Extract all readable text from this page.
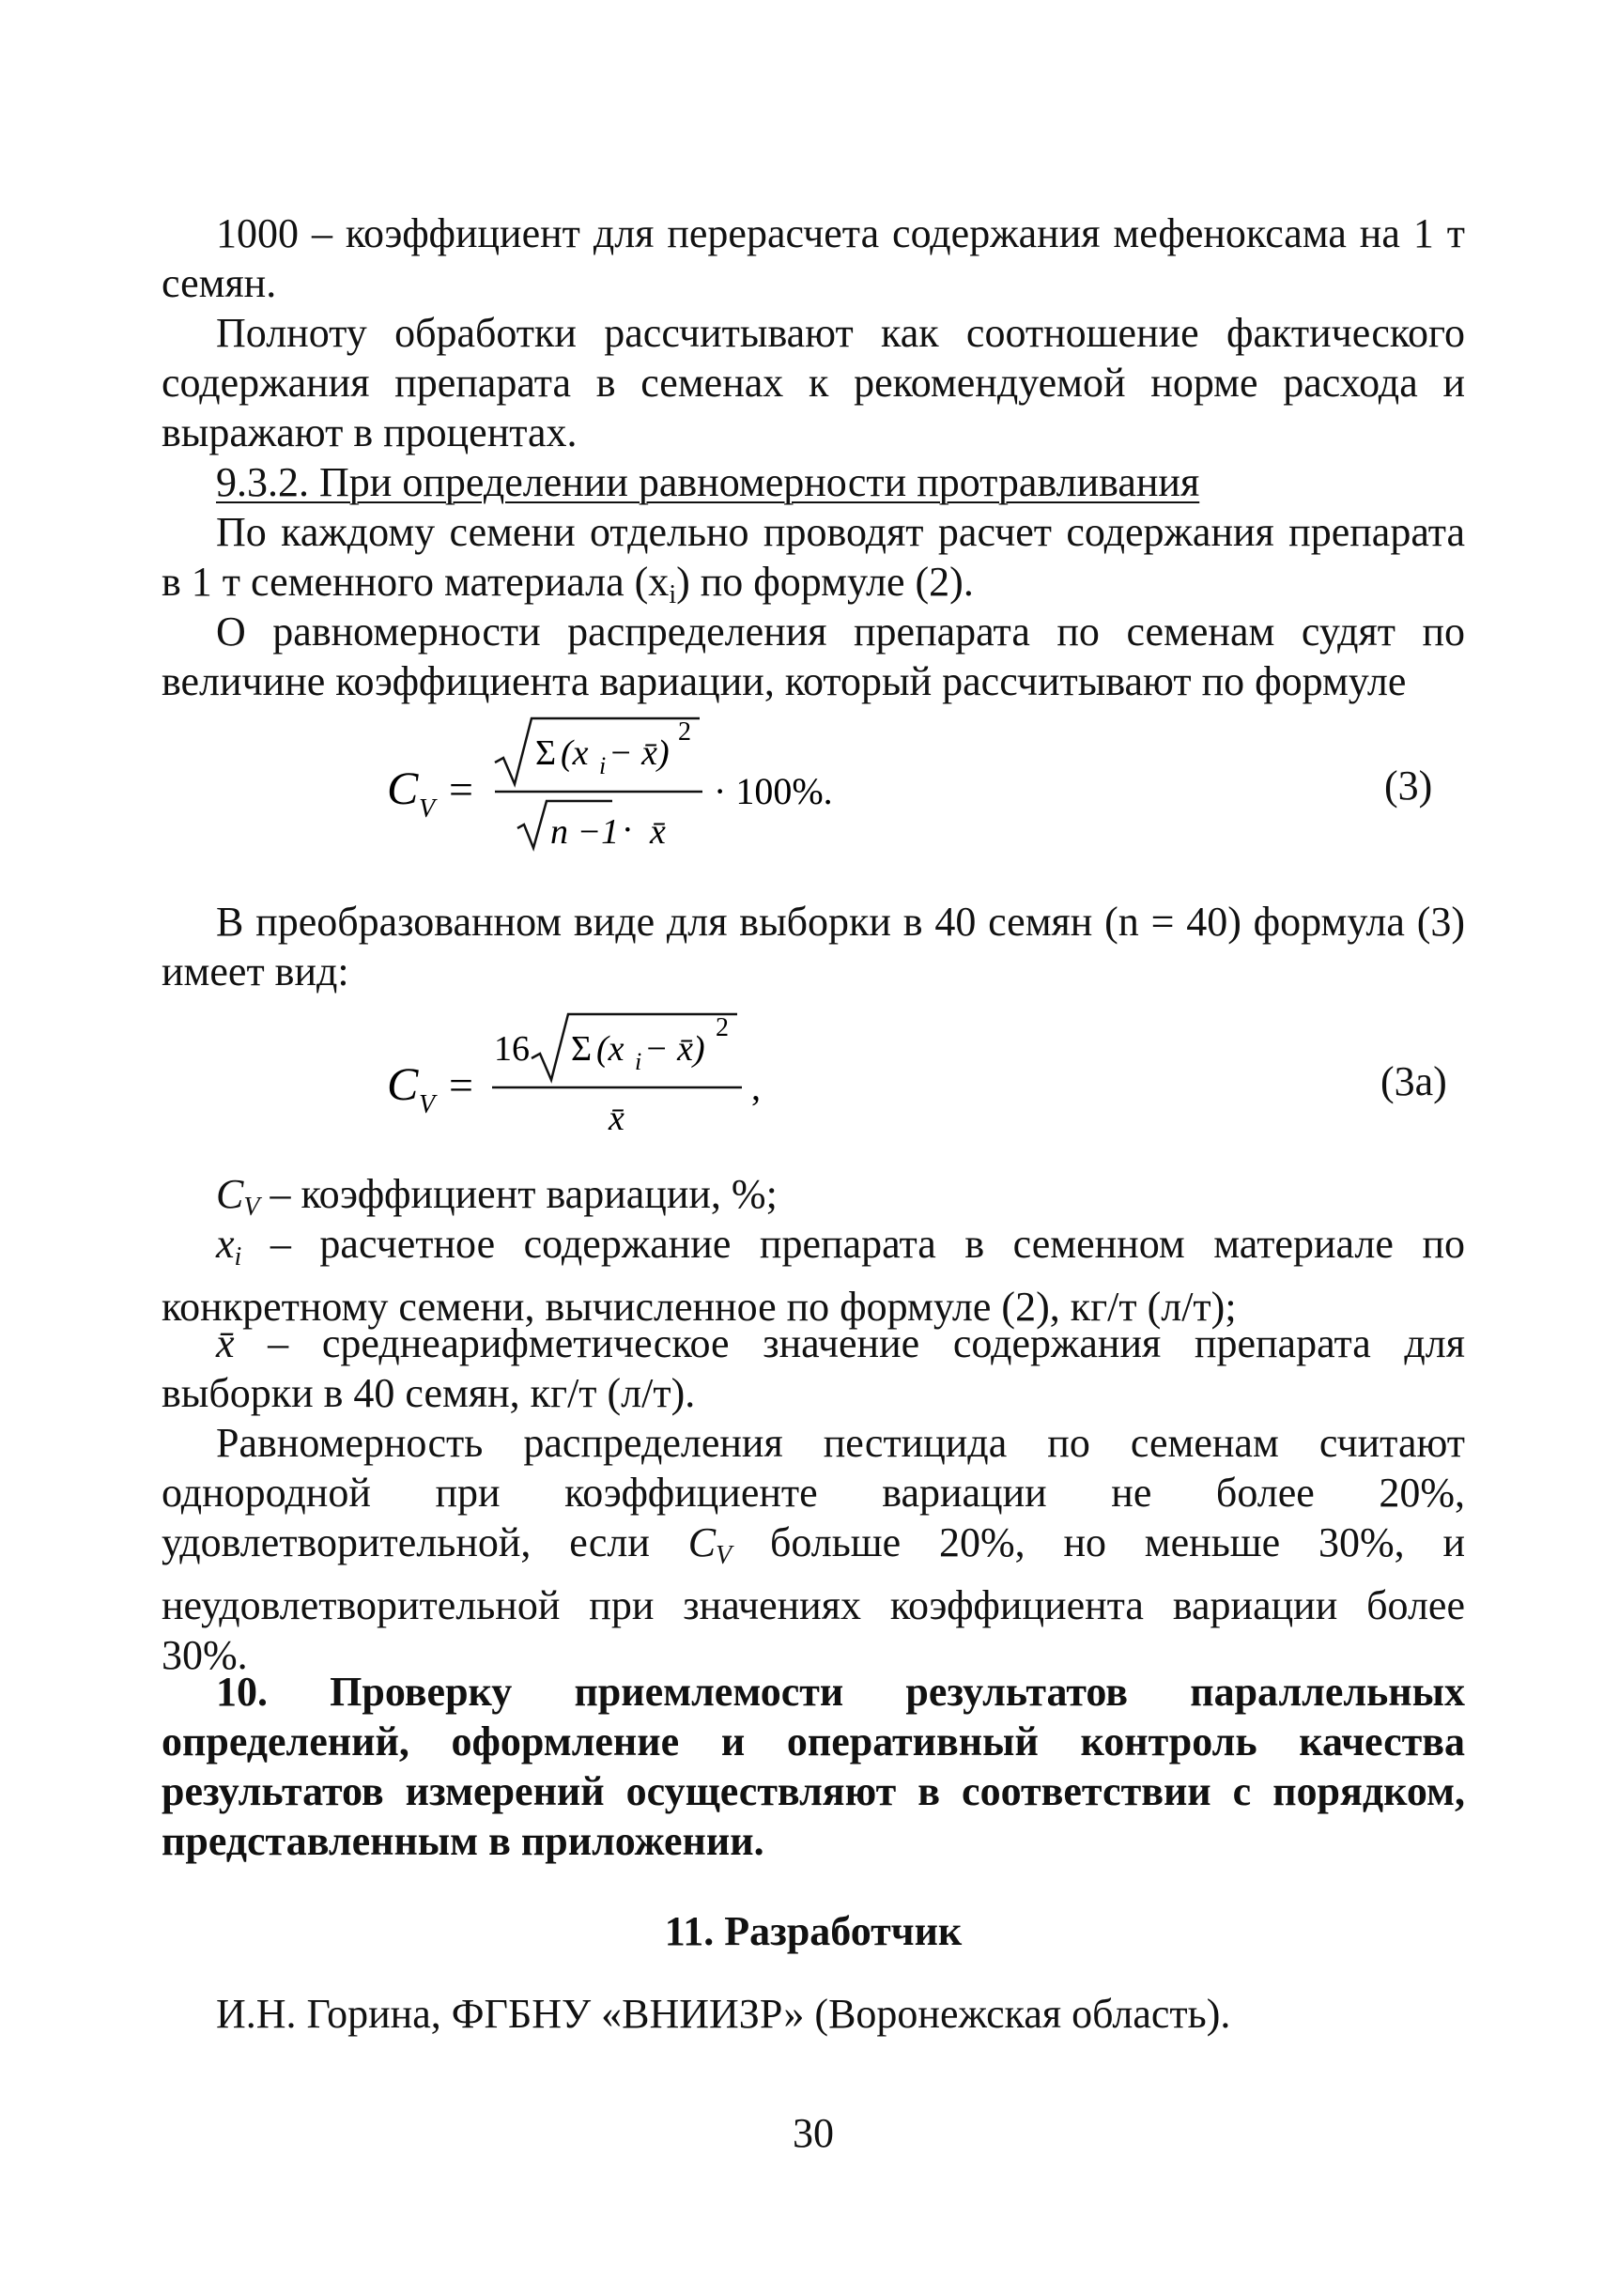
1000 – коэффициент для перерасчета содержания мефеноксама на 1 т семян.

Полноту обработки рассчитывают как соотношение фактического содержания препарата в семенах к рекомендуемой норме расхода и выражают в процентах.

9.3.2. При определении равномерности протравливания

По каждому семени отдельно проводят расчет содержания препарата в 1 т семенного материала $(x_i)$ по формуле (2).

О равномерности распределения препарата по семенам судят по величине коэффициента вариации, который рассчитывают по формуле

C V =
Σ (x i − x̄)
2
n −1 · x̄
· 100%.	(3)

В преобразованном виде для выборки в 40 семян (n = 40) формула (3) имеет вид:

C V =
16 Σ (x i − x̄)
2
x̄
,	(3а)

$C_V$ – коэффициент вариации, %;

$x_i$ – расчетное содержание препарата в семенном материале по конкретному семени, вычисленное по формуле (2), кг/т (л/т);

x̄ – среднеарифметическое значение содержания препарата для выборки в 40 семян, кг/т (л/т).

Равномерность распределения пестицида по семенам считают однородной при коэффициенте вариации не более 20%, удовлетворительной, если $C_V$ больше 20%, но меньше 30%, и неудовлетворительной при значениях коэффициента вариации более 30%.

10. Проверку приемлемости результатов параллельных определений, оформление и оперативный контроль качества результатов измерений осуществляют в соответствии с порядком, представленным в приложении.

11. Разработчик

И.Н. Горина, ФГБНУ «ВНИИЗР» (Воронежская область).

30
